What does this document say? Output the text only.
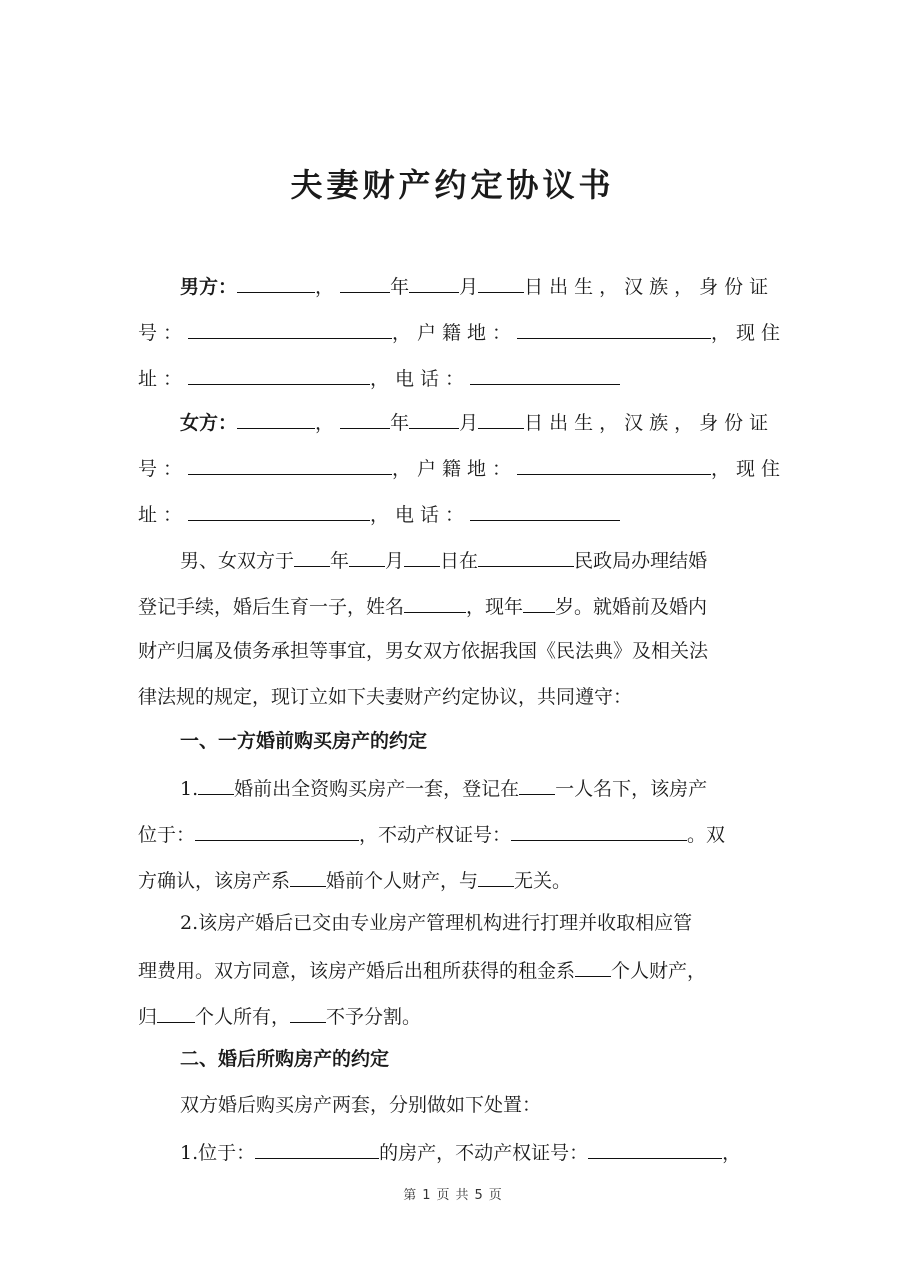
夫妻财产约定协议书
男方：	，	年	月 日出生，汉族，身份证
号：	，户籍地：	，现住
址：	，电话：
女方：	，	年	月 日出生，汉族，身份证
号：	，户籍地：	，现住
址：	，电话：
男、女双方于 年 月 日在	民政局办理结婚
登记手续，婚后生育一子，姓名	，现年 岁。就婚前及婚内
财产归属及债务承担等事宜，男女双方依据我国《民法典》及相关法
律法规的规定，现订立如下夫妻财产约定协议，共同遵守：
一、一方婚前购买房产的约定
1. 婚前出全资购买房产一套，登记在 一人名下，该房产
位于：	，不动产权证号：	。双
方确认，该房产系 婚前个人财产，与 无关。
2.该房产婚后已交由专业房产管理机构进行打理并收取相应管
理费用。双方同意，该房产婚后出租所获得的租金系 个人财产，
归 个人所有， 不予分割。
二、婚后所购房产的约定
双方婚后购买房产两套，分别做如下处置：
1.位于：	的房产，不动产权证号：	，
第 1 页 共 5 页
